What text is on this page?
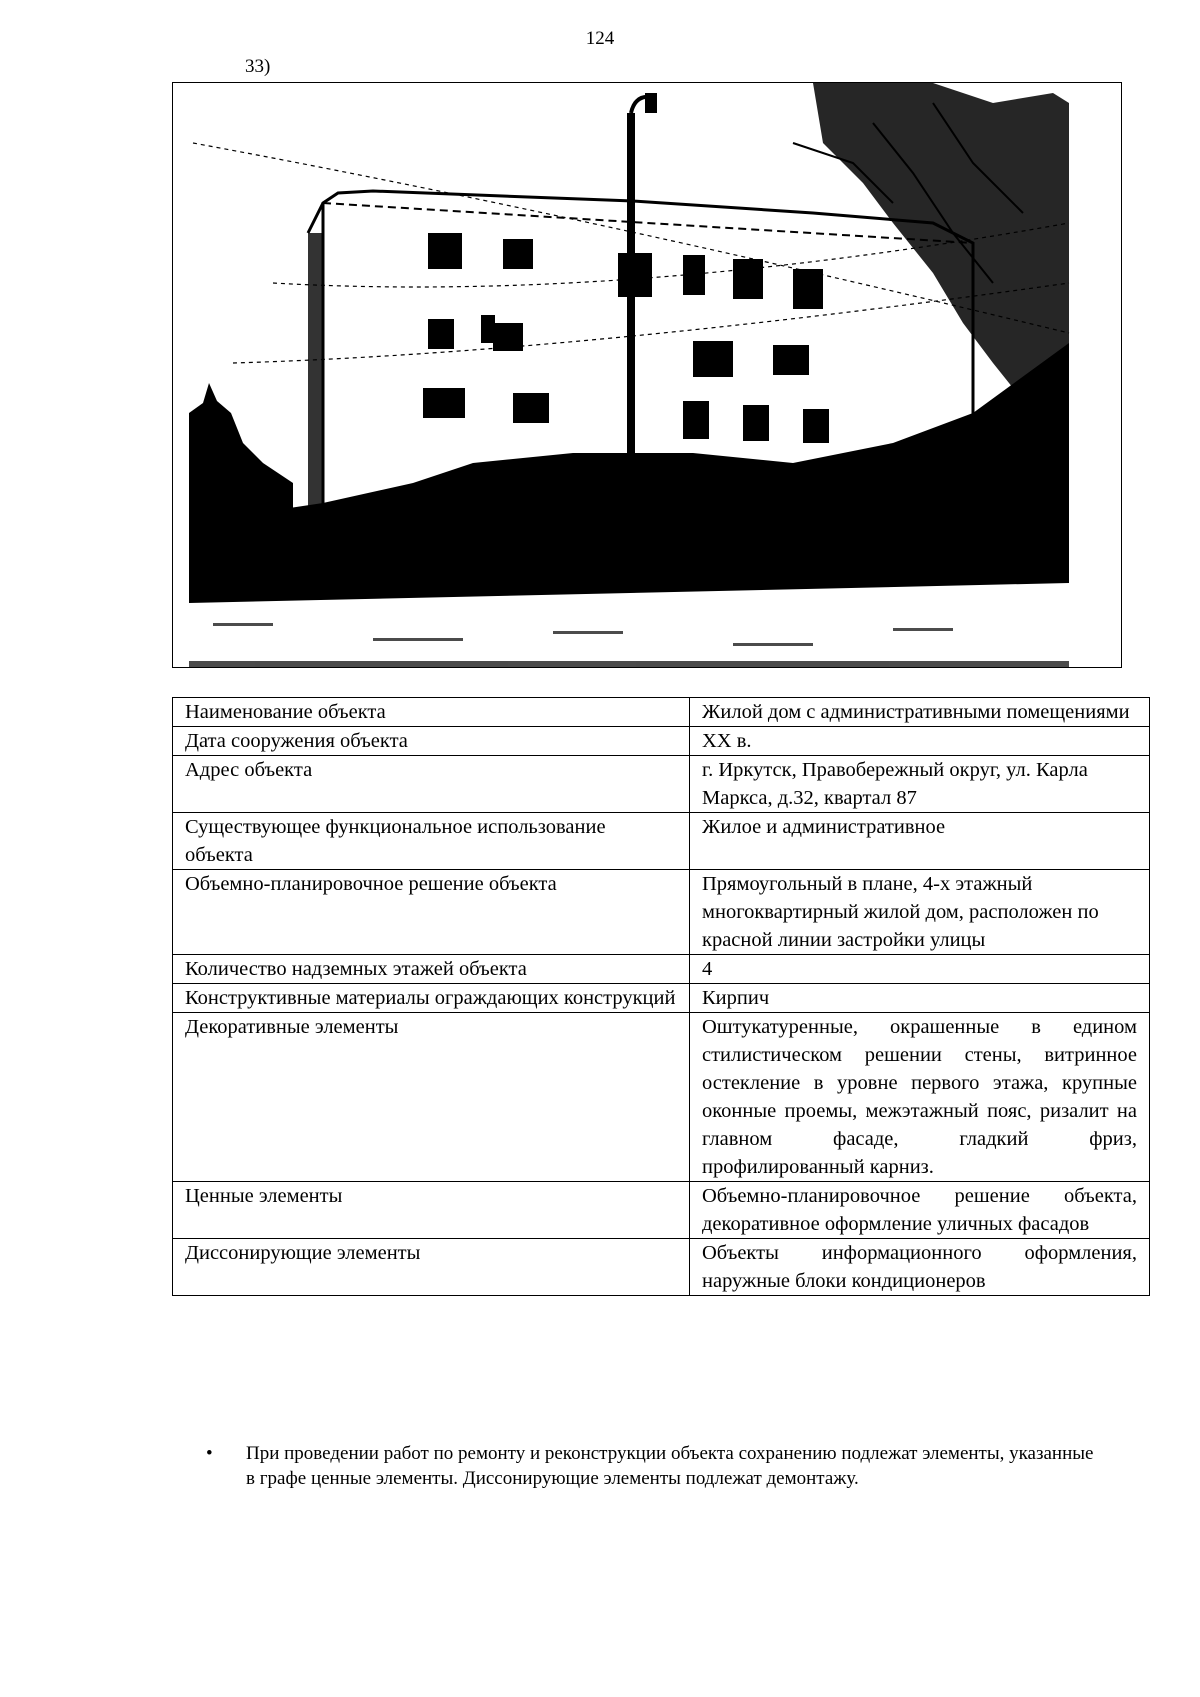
124
33)
Наименование объекта	Жилой дом с административными помещениями
Дата сооружения объекта	XX в.
Адрес объекта	г. Иркутск, Правобережный округ, ул. Карла Маркса, д.32, квартал 87
Существующее функциональное использование объекта	Жилое и административное
Объемно-планировочное решение объекта	Прямоугольный в плане, 4-х этажный многоквартирный жилой дом, расположен по красной линии застройки улицы
Количество надземных этажей объекта	4
Конструктивные материалы ограждающих конструкций	Кирпич
Декоративные элементы	Оштукатуренные, окрашенные в едином стилистическом решении стены, витринное остекление в уровне первого этажа, крупные оконные проемы, межэтажный пояс, ризалит на главном фасаде, гладкий фриз, профилированный карниз.
Ценные элементы	Объемно-планировочное решение объекта, декоративное оформление уличных фасадов
Диссонирующие элементы	Объекты информационного оформления, наружные блоки кондиционеров
• При проведении работ по ремонту и реконструкции объекта сохранению подлежат элементы, указанные в графе ценные элементы. Диссонирующие элементы подлежат демонтажу.
